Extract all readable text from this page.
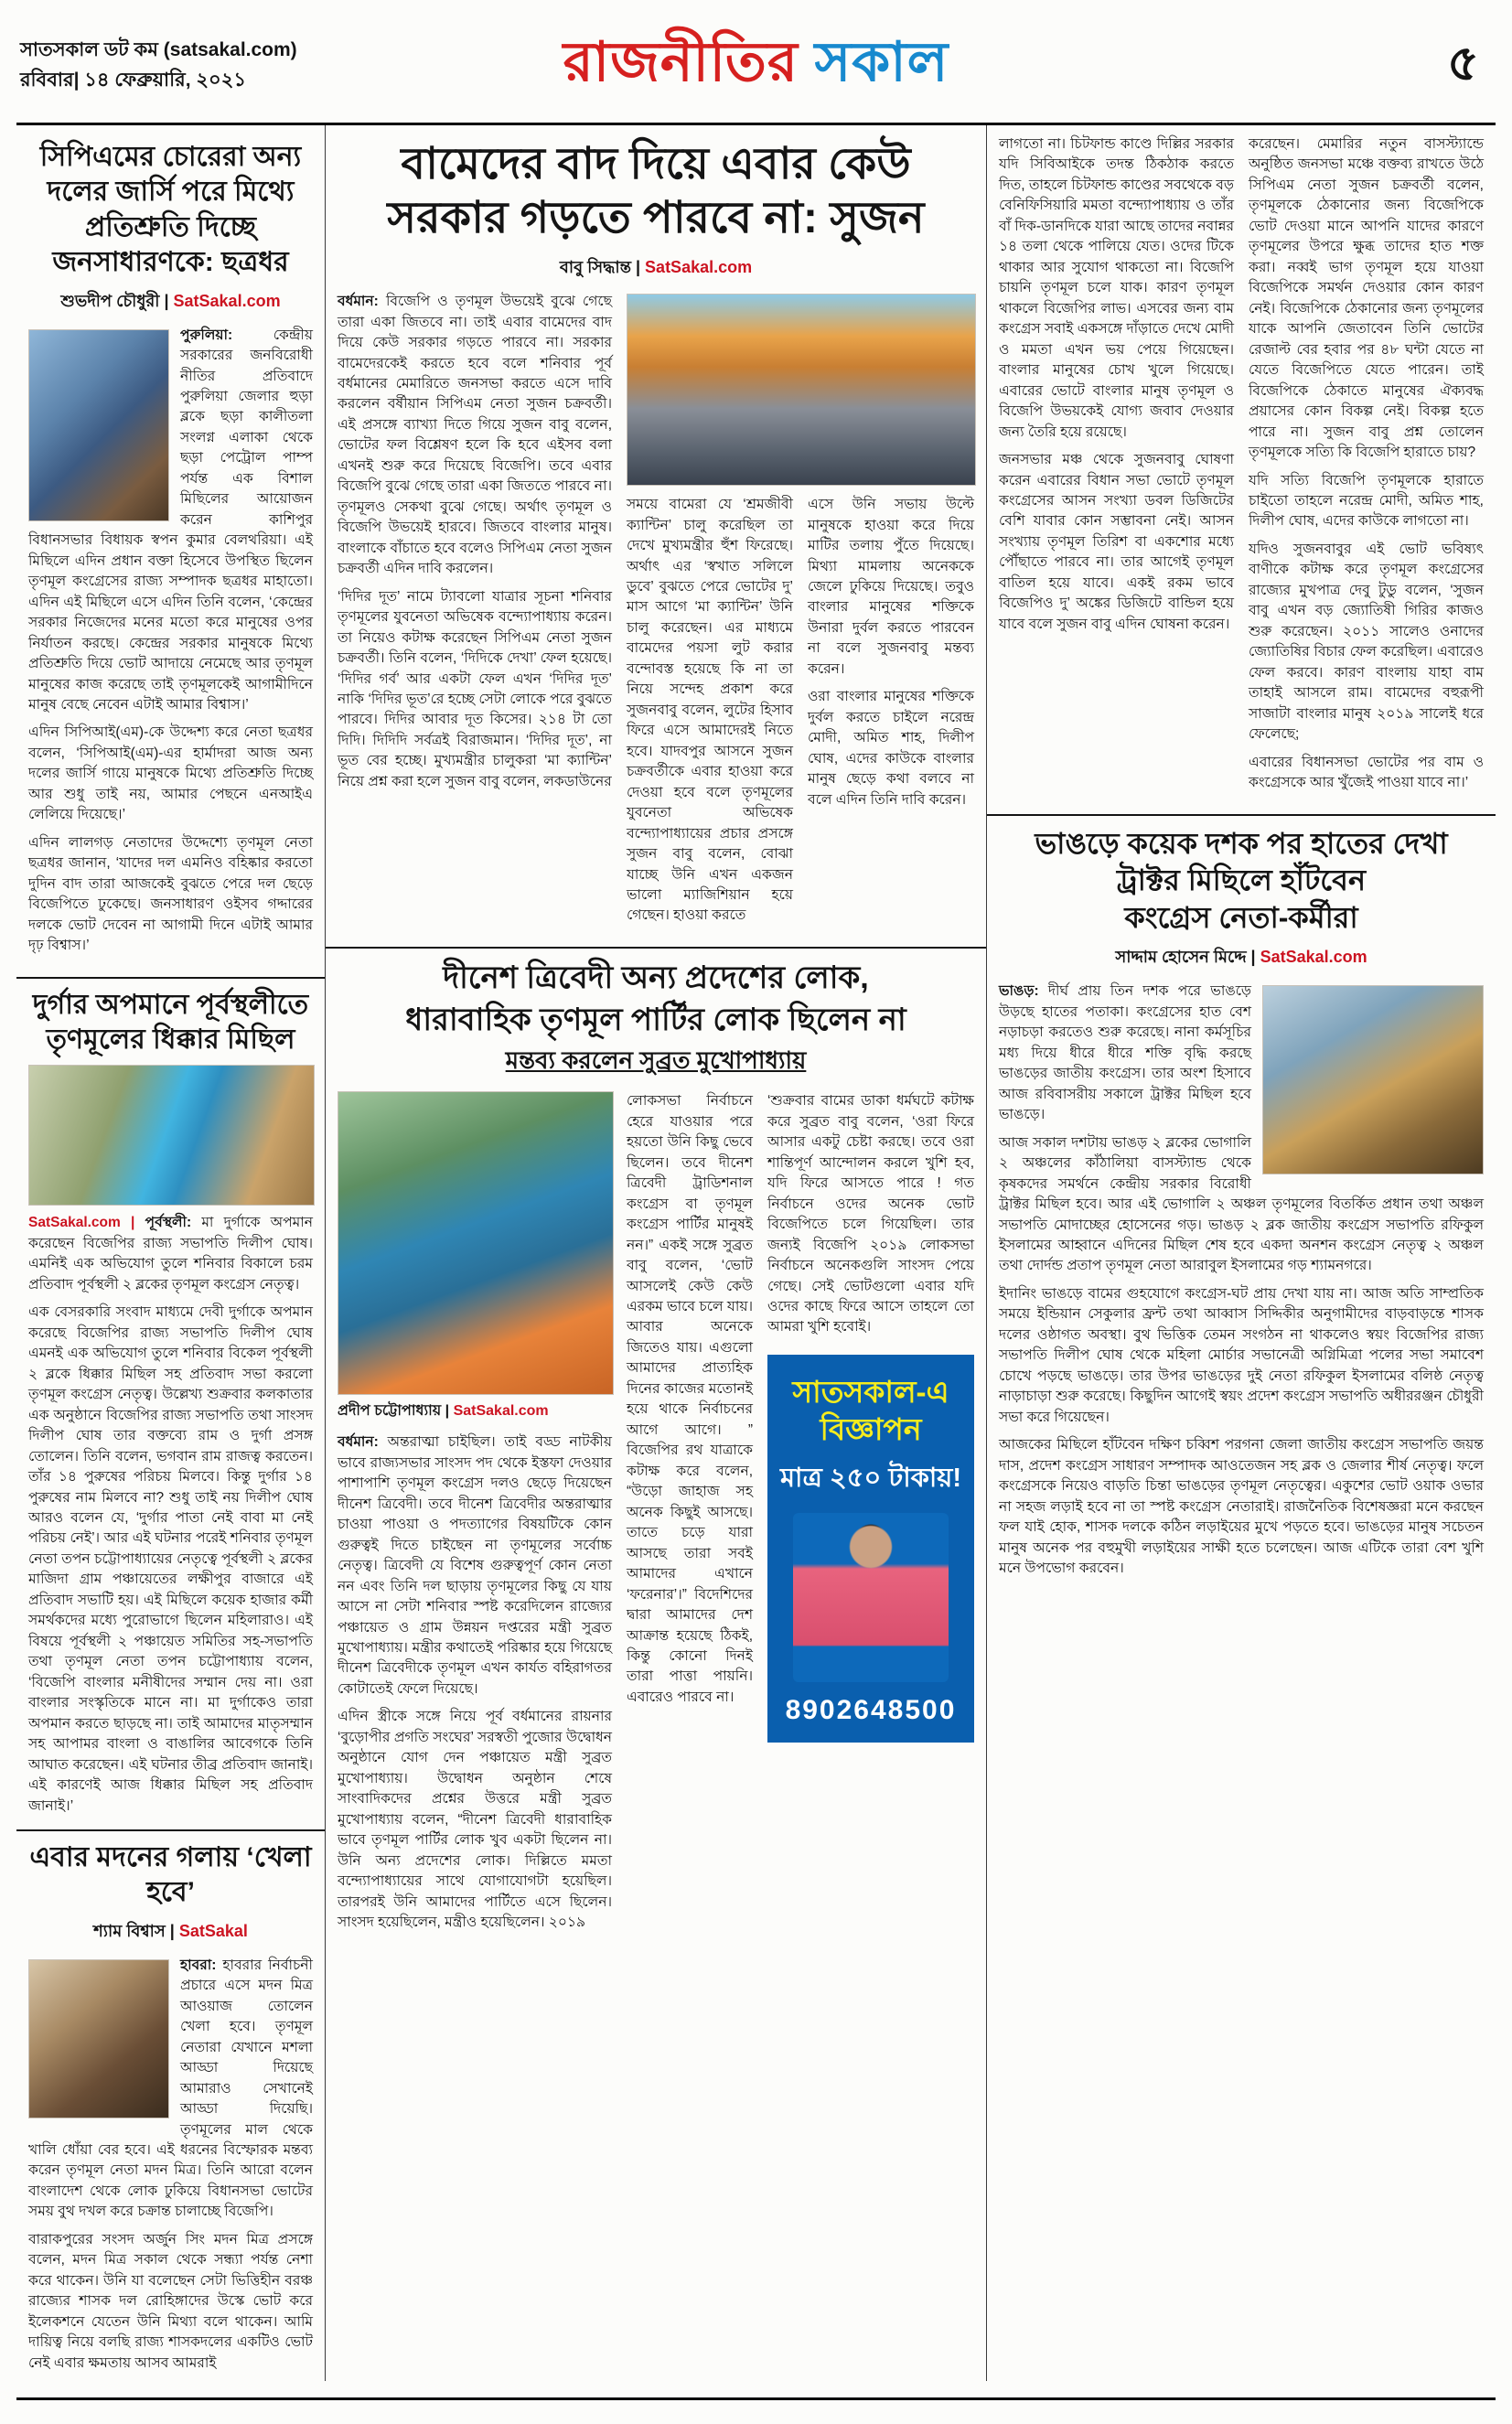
সাতসকাল ডট কম (satsakal.com)
রবিবার| ১৪ ফেব্রুয়ারি, ২০২১	রাজনীতির সকাল	৫
সিপিএমের চোরেরা অন্য দলের জার্সি পরে মিথ্যে প্রতিশ্রুতি দিচ্ছে জনসাধারণকে: ছত্রধর
শুভদীপ চৌধুরী | SatSakal.com

পুরুলিয়া:	কেন্দ্রীয় সরকারের জনবিরোধী নীতির প্রতিবাদে পুরুলিয়া জেলার হুড়া ব্লকে ছড়া কালীতলা সংলগ্ন এলাকা থেকে ছড়া পেট্রোল পাম্প পর্যন্ত এক বিশাল মিছিলের আয়োজন করেন কাশিপুর বিধানসভার বিধায়ক স্বপন কুমার বেলথরিয়া। এই মিছিলে এদিন প্রধান বক্তা হিসেবে উপস্থিত ছিলেন তৃণমূল কংগ্রেসের রাজ্য সম্পাদক ছত্রধর মাহাতো। এদিন এই মিছিলে এসে এদিন তিনি বলেন, ‘কেন্দ্রের সরকার নিজেদের মনের মতো করে মানুষের ওপর নির্যাতন করছে। কেন্দ্রের সরকার মানুষকে মিথ্যে প্রতিশ্রুতি দিয়ে ভোট আদায়ে নেমেছে আর তৃণমূল মানুষের কাজ করেছে তাই তৃণমূলকেই আগামীদিনে মানুষ বেছে নেবেন এটাই আমার বিশ্বাস।’

এদিন সিপিআই(এম)-কে উদ্দেশ্য করে নেতা ছত্রধর বলেন, ‘সিপিআই(এম)-এর হার্মাদরা আজ অন্য দলের জার্সি গায়ে মানুষকে মিথ্যে প্রতিশ্রুতি দিচ্ছে আর শুধু তাই নয়, আমার পেছনে এনআইএ লেলিয়ে দিয়েছে।’

এদিন লালগড় নেতাদের উদ্দেশ্যে তৃণমূল নেতা ছত্রধর জানান, ‘যাদের দল এমনিও বহিষ্কার করতো দুদিন বাদ তারা আজকেই বুঝতে পেরে দল ছেড়ে বিজেপিতে ঢুকেছে। জনসাধারণ ওইসব গদ্দারের দলকে ভোট দেবেন না আগামী দিনে এটাই আমার দৃঢ় বিশ্বাস।’

দুর্গার অপমানে পূর্বস্থলীতে তৃণমূলের ধিক্কার মিছিল

SatSakal.com | পূর্বস্থলী: মা দুর্গাকে অপমান করেছেন বিজেপির রাজ্য সভাপতি দিলীপ ঘোষ। এমনিই এক অভিযোগ তুলে শনিবার বিকালে চরম প্রতিবাদ পূর্বস্থলী ২ ব্লকের তৃণমূল কংগ্রেস নেতৃত্ব।

এক বেসরকারি সংবাদ মাধ্যমে দেবী দুর্গাকে অপমান করেছে বিজেপির রাজ্য সভাপতি দিলীপ ঘোষ এমনই এক অভিযোগ তুলে শনিবার বিকেল পূর্বস্থলী ২ ব্লকে ধিক্কার মিছিল সহ প্রতিবাদ সভা করলো তৃণমূল কংগ্রেস নেতৃত্ব। উল্লেখ্য শুক্রবার কলকাতার এক অনুষ্ঠানে বিজেপির রাজ্য সভাপতি তথা সাংসদ দিলীপ ঘোষ তার বক্তব্যে রাম ও দুর্গা প্রসঙ্গ তোলেন। তিনি বলেন, ভগবান রাম রাজত্ব করতেন। তাঁর ১৪ পুরুষের পরিচয় মিলবে। কিন্তু দুর্গার ১৪ পুরুষের নাম মিলবে না? শুধু তাই নয় দিলীপ ঘোষ আরও বলেন যে, ‘দুর্গার পাতা নেই বাবা মা নেই পরিচয় নেই’। আর এই ঘটনার পরেই শনিবার তৃণমূল নেতা তপন চট্টোপাধ্যায়ের নেতৃত্বে পূর্বস্থলী ২ ব্লকের মাজিদা গ্রাম পঞ্চায়েতের লক্ষীপুর বাজারে এই প্রতিবাদ সভাটি হয়। এই মিছিলে কয়েক হাজার কর্মী সমর্থকদের মধ্যে পুরোভাগে ছিলেন মহিলারাও। এই বিষয়ে পূর্বস্থলী ২ পঞ্চায়েত সমিতির সহ-সভাপতি তথা তৃণমূল নেতা তপন চট্টোপাধ্যায় বলেন, ‘বিজেপি বাংলার মনীষীদের সম্মান দেয় না। ওরা বাংলার সংস্কৃতিকে মানে না। মা দুর্গাকেও তারা অপমান করতে ছাড়ছে না। তাই আমাদের মাতৃসম্মান সহ আপামর বাংলা ও বাঙালির আবেগকে তিনি আঘাত করেছেন। এই ঘটনার তীব্র প্রতিবাদ জানাই। এই কারণেই আজ ধিক্কার মিছিল সহ প্রতিবাদ জানাই।’

এবার মদনের গলায় ‘খেলা হবে’
শ্যাম বিশ্বাস | SatSakal

হাবরা: হাবরার নির্বাচনী প্রচারে এসে মদন মিত্র আওয়াজ তোলেন খেলা হবে। তৃণমূল নেতারা যেখানে মশলা আড্ডা দিয়েছে আমারাও সেখানেই আড্ডা দিয়েছি। তৃণমূলের মাল থেকে খালি ধোঁয়া বের হবে। এই ধরনের বিস্ফোরক মন্তব্য করেন তৃণমূল নেতা মদন মিত্র। তিনি আরো বলেন বাংলাদেশ থেকে লোক ঢুকিয়ে বিধানসভা ভোটের সময় বুথ দখল করে চক্রান্ত চালাচ্ছে বিজেপি।

বারাকপুরের সংসদ অর্জুন সিং মদন মিত্র প্রসঙ্গে বলেন, মদন মিত্র সকাল থেকে সন্ধ্যা পর্যন্ত নেশা করে থাকেন। উনি যা বলেছেন সেটা ভিত্তিহীন বরঞ্চ রাজ্যের শাসক দল রোহিঙ্গাদের উস্কে ভোট করে ইলেকশনে যেতেন উনি মিথ্যা বলে থাকেন। আমি দায়িত্ব নিয়ে বলছি রাজ্য শাসকদলের একটিও ভোট নেই এবার ক্ষমতায় আসব আমরাই

বামেদের বাদ দিয়ে এবার কেউ সরকার গড়তে পারবে না: সুজন
বাবু সিদ্ধান্ত | SatSakal.com

বর্ধমান: বিজেপি ও তৃণমূল উভয়েই বুঝে গেছে তারা একা জিতবে না। তাই এবার বামেদের বাদ দিয়ে কেউ সরকার গড়তে পারবে না। সরকার বামেদেরকেই করতে হবে বলে শনিবার পূর্ব বর্ধমানের মেমারিতে জনসভা করতে এসে দাবি করলেন বর্ষীয়ান সিপিএম নেতা সুজন চক্রবর্তী। এই প্রসঙ্গে ব্যাখ্যা দিতে গিয়ে সুজন বাবু বলেন, ভোটের ফল বিশ্লেষণ হলে কি হবে এইসব বলা এখনই শুরু করে দিয়েছে বিজেপি। তবে এবার বিজেপি বুঝে গেছে তারা একা জিততে পারবে না। তৃণমূলও সেকথা বুঝে গেছে। অর্থাৎ তৃণমূল ও বিজেপি উভয়েই হারবে। জিতবে বাংলার মানুষ। বাংলাকে বাঁচাতে হবে বলেও সিপিএম নেতা সুজন চক্রবর্তী এদিন দাবি করলেন।

‘দিদির দূত’ নামে ট্যাবলো যাত্রার সূচনা শনিবার তৃণমূলের যুবনেতা অভিষেক বন্দ্যোপাধ্যায় করেন। তা নিয়েও কটাক্ষ করেছেন সিপিএম নেতা সুজন চক্রবর্তী। তিনি বলেন, ‘দিদিকে দেখা’ ফেল হয়েছে। ‘দিদির গর্ব’ আর একটা ফেল এখন ‘দিদির দূত’ নাকি ‘দিদির ভূত’রে হচ্ছে সেটা লোকে পরে বুঝতে পারবে। দিদির আবার দূত কিসের। ২১৪ টা তো দিদি। দিদিদি সর্বত্রই বিরাজমান। ‘দিদির দূত’, না ভূত বের হচ্ছে। মুখ্যমন্ত্রীর চালুকরা ‘মা ক্যান্টিন’ নিয়ে প্রশ্ন করা হলে সুজন বাবু বলেন, লকডাউনের

সময়ে বামেরা যে ‘শ্রমজীবী ক্যান্টিন’ চালু করেছিল তা দেখে মুখ্যমন্ত্রীর হুঁশ ফিরেছে। অর্থাৎ এর ‘স্বখাত সলিলে ডুবে’ বুঝতে পেরে ভোটের দু’ মাস আগে ‘মা ক্যান্টিন’ উনি চালু করেছেন। এর মাধ্যমে বামেদের পয়সা লুট করার বন্দোবস্ত হয়েছে কি না তা নিয়ে সন্দেহ প্রকাশ করে সুজনবাবু বলেন, লুটের হিসাব ফিরে এসে আমাদেরই নিতে হবে। যাদবপুর আসনে সুজন চক্রবর্তীকে এবার হাওয়া করে দেওয়া হবে বলে তৃণমূলের যুবনেতা অভিষেক বন্দ্যোপাধ্যায়ের প্রচার প্রসঙ্গে সুজন বাবু বলেন, বোঝা যাচ্ছে উনি এখন একজন ভালো ম্যাজিশিয়ান হয়ে গেছেন। হাওয়া করতে

এসে উনি সভায় উল্টে মানুষকে হাওয়া করে দিয়ে মাটির তলায় পুঁতে দিয়েছে। মিথ্যা মামলায় অনেককে জেলে ঢুকিয়ে দিয়েছে। তবুও বাংলার মানুষের শক্তিকে উনারা দুর্বল করতে পারবেন না বলে সুজনবাবু মন্তব্য করেন।

ওরা বাংলার মানুষের শক্তিকে দুর্বল করতে চাইলে নরেন্দ্র মোদী, অমিত শাহ, দিলীপ ঘোষ, এদের কাউকে বাংলার মানুষ ছেড়ে কথা বলবে না বলে এদিন তিনি দাবি করেন।

দীনেশ ত্রিবেদী অন্য প্রদেশের লোক,
ধারাবাহিক তৃণমূল পার্টির লোক ছিলেন না
মন্তব্য করলেন সুব্রত মুখোপাধ্যায়
প্রদীপ চট্টোপাধ্যায় | SatSakal.com

বর্ধমান: অন্তরাত্মা চাইছিল। তাই বড্ড নাটকীয় ভাবে রাজ্যসভার সাংসদ পদ থেকে ইস্তফা দেওয়ার পাশাপাশি তৃণমূল কংগ্রেস দলও ছেড়ে দিয়েছেন দীনেশ ত্রিবেদী। তবে দীনেশ ত্রিবেদীর অন্তরাত্মার চাওয়া পাওয়া ও পদত্যাগের বিষয়টিকে কোন গুরুত্বই দিতে চাইছেন না তৃণমূলের সর্বোচ্চ নেতৃত্ব। ত্রিবেদী যে বিশেষ গুরুত্বপূর্ণ কোন নেতা নন এবং তিনি দল ছাড়ায় তৃণমূলের কিছু যে যায় আসে না সেটা শনিবার স্পষ্ট করেদিলেন রাজ্যের পঞ্চায়েত ও গ্রাম উন্নয়ন দপ্তরের মন্ত্রী সুব্রত মুখোপাধ্যায়। মন্ত্রীর কথাতেই পরিষ্কার হয়ে গিয়েছে দীনেশ ত্রিবেদীকে তৃণমূল এখন কার্যত বহিরাগতর কোটাতেই ফেলে দিয়েছে।

এদিন স্ত্রীকে সঙ্গে নিয়ে পূর্ব বর্ধমানের রায়নার ‘বুড়োপীর প্রগতি সংঘের’ সরস্বতী পুজোর উদ্বোধন অনুষ্ঠানে যোগ দেন পঞ্চায়েত মন্ত্রী সুব্রত মুখোপাধ্যায়। উদ্বোধন অনুষ্ঠান শেষে সাংবাদিকদের প্রশ্নের উত্তরে মন্ত্রী সুব্রত মুখোপাধ্যায় বলেন, “দীনেশ ত্রিবেদী ধারাবাহিক ভাবে তৃণমূল পার্টির লোক খুব একটা ছিলেন না। উনি অন্য প্রদেশের লোক। দিল্লিতে মমতা বন্দ্যোপাধ্যায়ের সাথে যোগাযোগটা হয়েছিল। তারপরই উনি আমাদের পার্টিতে এসে ছিলেন। সাংসদ হয়েছিলেন, মন্ত্রীও হয়েছিলেন। ২০১৯

লোকসভা নির্বাচনে হেরে যাওয়ার পরে হয়তো উনি কিছু ভেবে ছিলেন। তবে দীনেশ ত্রিবেদী ট্রাডিশনাল কংগ্রেস বা তৃণমূল কংগ্রেস পার্টির মানুষই নন।” একই সঙ্গে সুব্রত বাবু বলেন, ‘ভোট আসলেই কেউ কেউ এরকম ভাবে চলে যায়। আবার অনেকে জিতেও যায়। এগুলো আমাদের প্রাত্যহিক দিনের কাজের মতোনই হয়ে থাকে নির্বাচনের আগে আগে। ” বিজেপির রথ যাত্রাকে কটাক্ষ করে বলেন, “উড়ো জাহাজ সহ অনেক কিছুই আসছে। তাতে চড়ে যারা আসছে তারা সবই আমাদের এখানে ‘ফরেনার’।” বিদেশিদের দ্বারা আমাদের দেশ আক্রান্ত হয়েছে ঠিকই, কিন্তু কোনো দিনই তারা পাত্তা পায়নি। এবারেও পারবে না।

‘শুক্রবার বামের ডাকা ধর্মঘটে কটাক্ষ করে সুব্রত বাবু বলেন, ‘ওরা ফিরে আসার একটু চেষ্টা করছে। তবে ওরা শান্তিপূর্ণ আন্দোলন করলে খুশি হব, যদি ফিরে আসতে পারে ! গত নির্বাচনে ওদের অনেক ভোট বিজেপিতে চলে গিয়েছিল। তার জন্যই বিজেপি ২০১৯ লোকসভা নির্বাচনে অনেকগুলি সাংসদ পেয়ে গেছে। সেই ভোটগুলো এবার যদি ওদের কাছে ফিরে আসে তাহলে তো আমরা খুশি হবোই।

সাতসকাল-এ
বিজ্ঞাপন
মাত্র ২৫০ টাকায়!
8902648500

লাগতো না। চিটফান্ড কাণ্ডে দিল্লির সরকার যদি সিবিআইকে তদন্ত ঠিকঠাক করতে দিত, তাহলে চিটফান্ড কাণ্ডের সবথেকে বড় বেনিফিসিয়ারি মমতা বন্দ্যোপাধ্যায় ও তাঁর বাঁ দিক-ডানদিকে যারা আছে তাদের নবান্নর ১৪ তলা থেকে পালিয়ে যেত। ওদের টিকে থাকার আর সুযোগ থাকতো না। বিজেপি চায়নি তৃণমূল চলে যাক। কারণ তৃণমূল থাকলে বিজেপির লাভ। এসবের জন্য বাম কংগ্রেস সবাই একসঙ্গে দাঁড়াতে দেখে মোদী ও মমতা এখন ভয় পেয়ে গিয়েছেন। বাংলার মানুষের চোখ খুলে গিয়েছে। এবারের ভোটে বাংলার মানুষ তৃণমূল ও বিজেপি উভয়কেই যোগ্য জবাব দেওয়ার জন্য তৈরি হয়ে রয়েছে।

জনসভার মঞ্চ থেকে সুজনবাবু ঘোষণা করেন এবারের বিধান সভা ভোটে তৃণমূল কংগ্রেসের আসন সংখ্যা ডবল ডিজিটের বেশি যাবার কোন সম্ভাবনা নেই। আসন সংখ্যায় তৃণমূল তিরিশ বা একশোর মধ্যে পৌঁছাতে পারবে না। তার আগেই তৃণমূল বাতিল হয়ে যাবে। একই রকম ভাবে বিজেপিও দু’ অঙ্কের ডিজিটে বান্ডিল হয়ে যাবে বলে সুজন বাবু এদিন ঘোষনা করেন।

করেছেন। মেমারির নতুন বাসস্ট্যান্ডে অনুষ্ঠিত জনসভা মঞ্চে বক্তব্য রাখতে উঠে সিপিএম নেতা সুজন চক্রবর্তী বলেন, তৃণমূলকে ঠেকানোর জন্য বিজেপিকে ভোট দেওয়া মানে আপনি যাদের কারণে তৃণমূলের উপরে ক্ষুব্ধ তাদের হাত শক্ত করা। নব্বই ভাগ তৃণমূল হয়ে যাওয়া বিজেপিকে সমর্থন দেওয়ার কোন কারণ নেই। বিজেপিকে ঠেকানোর জন্য তৃণমূলের যাকে আপনি জেতাবেন তিনি ভোটের রেজাল্ট বের হবার পর ৪৮ ঘন্টা যেতে না যেতে বিজেপিতে যেতে পারেন। তাই বিজেপিকে ঠেকাতে মানুষের ঐক্যবদ্ধ প্রয়াসের কোন বিকল্প নেই। বিকল্প হতে পারে না। সুজন বাবু প্রশ্ন তোলেন তৃণমূলকে সত্যি কি বিজেপি হারাতে চায়?

যদি সত্যি বিজেপি তৃণমূলকে হারাতে চাইতো তাহলে নরেন্দ্র মোদী, অমিত শাহ, দিলীপ ঘোষ, এদের কাউকে লাগতো না।

যদিও সুজনবাবুর এই ভোট ভবিষ্যৎ বাণীকে কটাক্ষ করে তৃণমূল কংগ্রেসের রাজ্যের মুখপাত্র দেবু টুডু বলেন, ‘সুজন বাবু এখন বড় জ্যোতিষী গিরির কাজও শুরু করেছেন। ২০১১ সালেও ওনাদের জ্যোতিষির বিচার ফেল করেছিল। এবারেও ফেল করবে। কারণ বাংলায় যাহা বাম তাহাই আসলে রাম। বামেদের বহুরূপী সাজাটা বাংলার মানুষ ২০১৯ সালেই ধরে ফেলেছে;

এবারের বিধানসভা ভোটের পর বাম ও কংগ্রেসকে আর খুঁজেই পাওয়া যাবে না।’

ভাঙড়ে কয়েক দশক পর হাতের দেখা
ট্রাক্টর মিছিলে হাঁটবেন
কংগ্রেস নেতা-কর্মীরা
সাদ্দাম হোসেন মিদ্দে | SatSakal.com

ভাঙড়: দীর্ঘ প্রায় তিন দশক পরে ভাঙড়ে উড়ছে হাতের পতাকা। কংগ্রেসের হাত বেশ নড়াচড়া করতেও শুরু করেছে। নানা কর্মসূচির মধ্য দিয়ে ধীরে ধীরে শক্তি বৃদ্ধি করছে ভাঙড়ের জাতীয় কংগ্রেস। তার অংশ হিসাবে আজ রবিবাসরীয় সকালে ট্রাক্টর মিছিল হবে ভাঙড়ে।

আজ সকাল দশটায় ভাঙড় ২ ব্লকের ভোগালি ২ অঞ্চলের কাঁঠালিয়া বাসস্ট্যান্ড থেকে কৃষকদের সমর্থনে কেন্দ্রীয় সরকার বিরোধী ট্রাক্টর মিছিল হবে। আর এই ভোগালি ২ অঞ্চল তৃণমূলের বিতর্কিত প্রধান তথা অঞ্চল সভাপতি মোদাচ্ছের হোসেনের গড়। ভাঙড় ২ ব্লক জাতীয় কংগ্রেস সভাপতি রফিকুল ইসলামের আহ্বানে এদিনের মিছিল শেষ হবে একদা অনশন কংগ্রেস নেতৃত্ব ২ অঞ্চল তথা দোর্দন্ড প্রতাপ তৃণমূল নেতা আরাবুল ইসলামের গড় শ্যামনগরে।

ইদানিং ভাঙড়ে বামের গুহযোগে কংগ্রেস-ঘট প্রায় দেখা যায় না। আজ অতি সাম্প্রতিক সময়ে ইন্ডিয়ান সেকুলার ফ্রন্ট তথা আব্বাস সিদ্দিকীর অনুগামীদের বাড়বাড়ন্তে শাসক দলের ওষ্ঠাগত অবস্থা। বুথ ভিত্তিক তেমন সংগঠন না থাকলেও স্বয়ং বিজেপির রাজ্য সভাপতি দিলীপ ঘোষ থেকে মহিলা মোর্চার সভানেত্রী অগ্নিমিত্রা পলের সভা সমাবেশ চোখে পড়ছে ভাঙড়ে। তার উপর ভাঙড়ের দুই নেতা রফিকুল ইসলামের বলিষ্ঠ নেতৃত্ব নাড়াচাড়া শুরু করেছে। কিছুদিন আগেই স্বয়ং প্রদেশ কংগ্রেস সভাপতি অধীররঞ্জন চৌধুরী সভা করে গিয়েছেন।

আজকের মিছিলে হাঁটবেন দক্ষিণ চব্বিশ পরগনা জেলা জাতীয় কংগ্রেস সভাপতি জয়ন্ত দাস, প্রদেশ কংগ্রেস সাধারণ সম্পাদক আওতেজন সহ ব্লক ও জেলার শীর্ষ নেতৃত্ব। ফলে কংগ্রেসকে নিয়েও বাড়তি চিন্তা ভাঙড়ের তৃণমূল নেতৃত্বের। একুশের ভোট ওয়াক ওভার না সহজ লড়াই হবে না তা স্পষ্ট কংগ্রেস নেতারাই। রাজনৈতিক বিশেষজ্ঞরা মনে করছেন ফল যাই হোক, শাসক দলকে কঠিন লড়াইয়ের মুখে পড়তে হবে। ভাঙড়ের মানুষ সচেতন মানুষ অনেক পর বহুমুখী লড়াইয়ের সাক্ষী হতে চলেছেন। আজ এটিকে তারা বেশ খুশি মনে উপভোগ করবেন।
